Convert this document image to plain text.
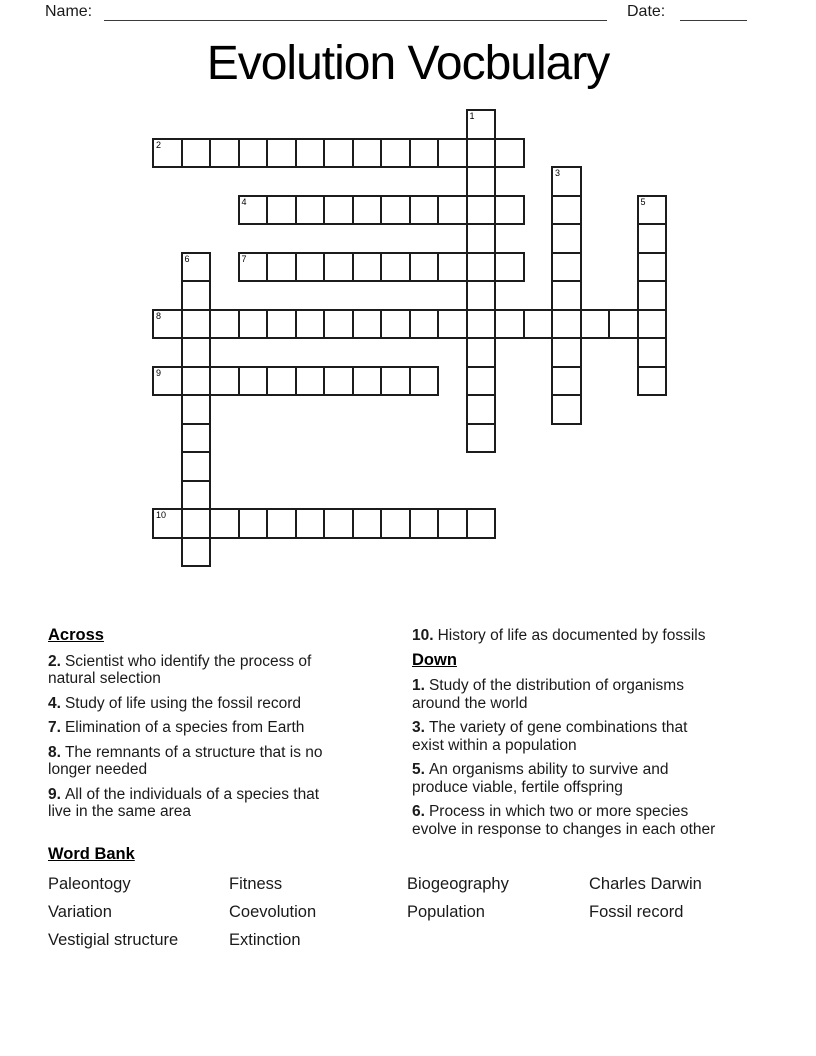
Name:	Date:
Evolution Vocbulary
1
2
3
4	5
6	7
8
9
10
Across
2. Scientist who identify the process of
natural selection
4. Study of life using the fossil record
7. Elimination of a species from Earth
8. The remnants of a structure that is no
longer needed
9. All of the individuals of a species that
live in the same area
10. History of life as documented by fossils
Down
1. Study of the distribution of organisms
around the world
3. The variety of gene combinations that
exist within a population
5. An organisms ability to survive and
produce viable, fertile offspring
6. Process in which two or more species
evolve in response to changes in each other
Word Bank
Paleontogy	Fitness	Biogeography	Charles Darwin
Variation	Coevolution	Population	Fossil record
Vestigial structure	Extinction
